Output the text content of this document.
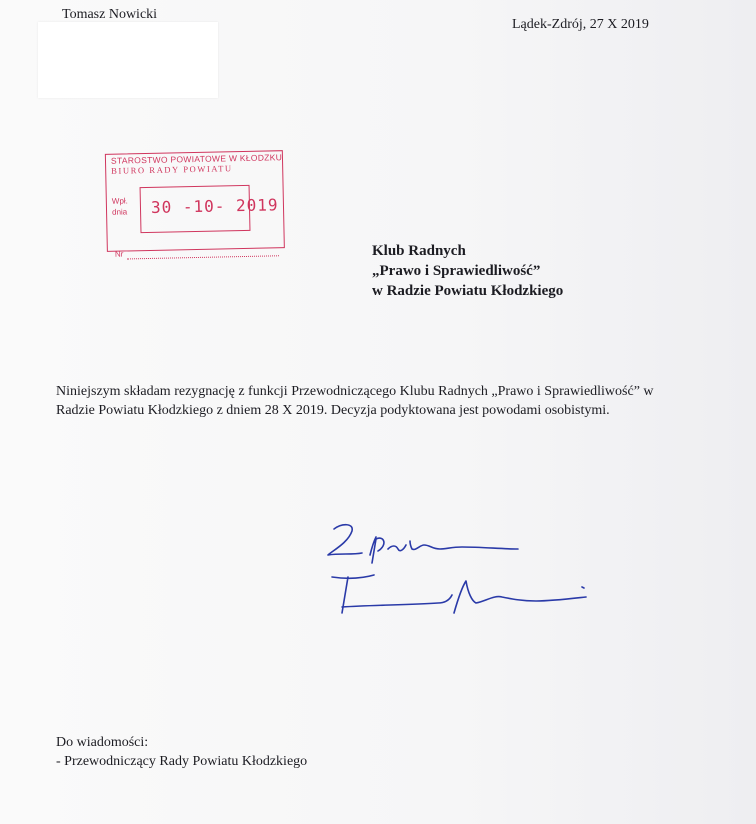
Tomasz Nowicki
Lądek-Zdrój, 27 X 2019
STAROSTWO POWIATOWE W KŁODZKU
BIURO RADY POWIATU
Wpł.
dnia 30 -10- 2019
Nr	Klub Radnych
„Prawo i Sprawiedliwość”
w Radzie Powiatu Kłodzkiego
Niniejszym składam rezygnację z funkcji Przewodniczącego Klubu Radnych „Prawo i Sprawiedliwość” w Radzie Powiatu Kłodzkiego z dniem 28 X 2019. Decyzja podyktowana jest powodami osobistymi.
Do wiadomości:
- Przewodniczący Rady Powiatu Kłodzkiego
